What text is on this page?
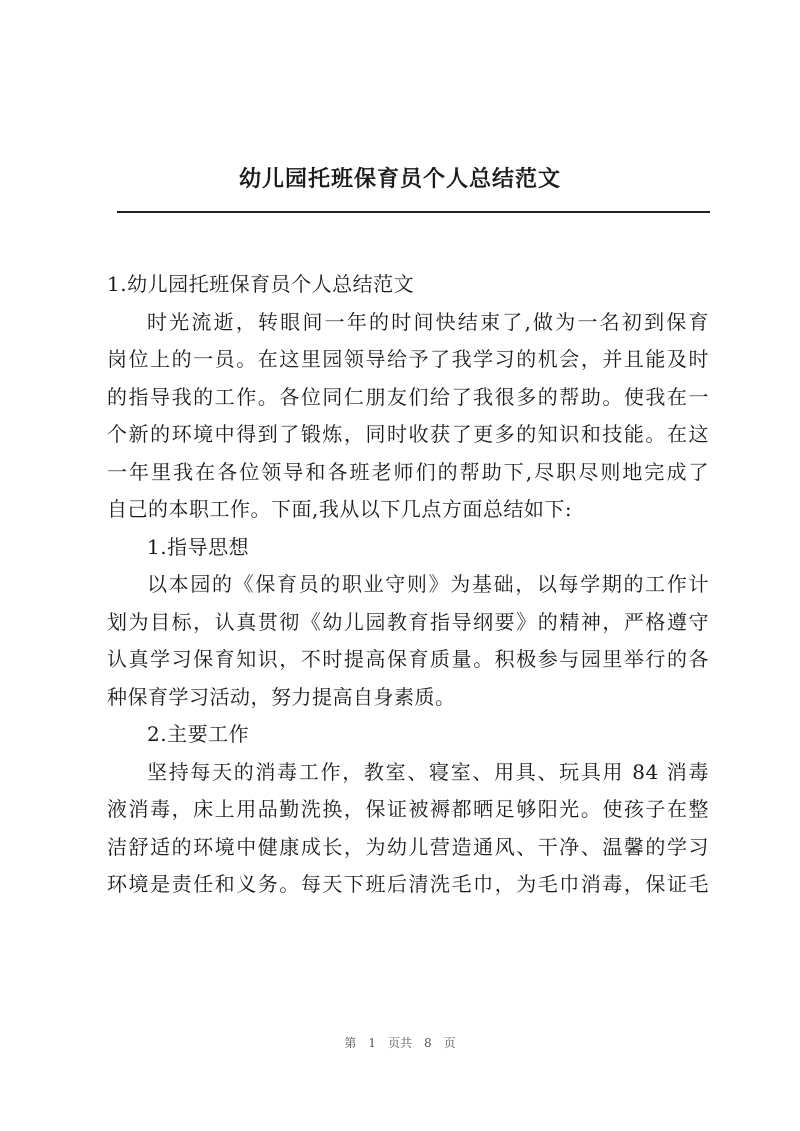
幼儿园托班保育员个人总结范文
1.幼儿园托班保育员个人总结范文
时光流逝，转眼间一年的时间快结束了,做为一名初到保育
岗位上的一员。在这里园领导给予了我学习的机会，并且能及时
的指导我的工作。各位同仁朋友们给了我很多的帮助。使我在一
个新的环境中得到了锻炼，同时收获了更多的知识和技能。在这
一年里我在各位领导和各班老师们的帮助下,尽职尽则地完成了
自己的本职工作。下面,我从以下几点方面总结如下:
1.指导思想
以本园的《保育员的职业守则》为基础，以每学期的工作计
划为目标，认真贯彻《幼儿园教育指导纲要》的精神，严格遵守
认真学习保育知识，不时提高保育质量。积极参与园里举行的各
种保育学习活动，努力提高自身素质。
2.主要工作
坚持每天的消毒工作，教室、寝室、用具、玩具用 84 消毒
液消毒，床上用品勤洗换，保证被褥都晒足够阳光。使孩子在整
洁舒适的环境中健康成长，为幼儿营造通风、干净、温馨的学习
环境是责任和义务。每天下班后清洗毛巾，为毛巾消毒，保证毛
第 1 页共 8 页
